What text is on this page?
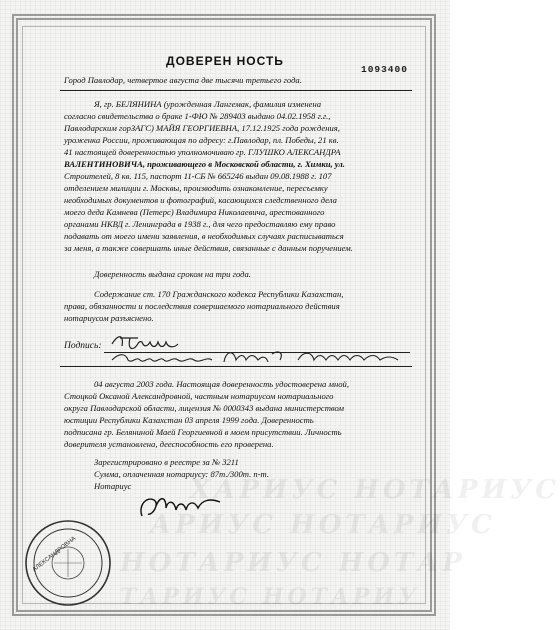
ХАРИУС НОТАРИУС
АРИУС НОТАРИУС
НОТАРИУС НОТАР
ТАРИУС НОТАРИУ
ДОВЕРЕН НОСТЬ
1093400
Город Павлодар, четвертое августа две тысячи третьего года.
Я, гр. БЕЛЯНИНА (урожденная Лангемак, фамилия изменена
согласно свидетельства о браке 1-ФЮ № 289403 выдано 04.02.1958 г.г.,
Павлодарским горЗАГС) МАЙЯ ГЕОРГИЕВНА, 17.12.1925 года рождения,
уроженка России, проживающая по адресу: г.Павлодар, пл. Победы, 21 кв.
41 настоящей доверенностью уполномочиваю гр. ГЛУШКО АЛЕКСАНДРА
ВАЛЕНТИНОВИЧА, проживающего в Московской области, г. Химки, ул.
Строителей, 8 кв. 115, паспорт 11-СБ № 665246 выдан 09.08.1988 г. 107
отделением милиции г. Москвы, производить ознакомление, пересъемку
необходимых документов и фотографий, касающихся следственного дела
моего деда Камнева (Петерс) Владимира Николаевича, арестованного
органами НКВД г. Ленинграда в 1938 г., для чего предоставляю ему право
подавать от моего имени заявления, в необходимых случаях расписываться
за меня, а также совершать иные действия, связанные с данным поручением.
Доверенность выдана сроком на три года.
Содержание ст. 170 Гражданского кодекса Республики Казахстан,
права, обязанности и последствия совершаемого нотариального действия
нотариусом разъяснено.
Подпись:
04 августа 2003 года. Настоящая доверенность удостоверена мной,
Стоцкой Оксаной Александровной, частным нотариусом нотариального
округа Павлодарской области, лицензия № 0000343 выдана министерством
юстиции Республики Казахстан 03 апреля 1999 года. Доверенность
подписана гр. Беляниной Маей Георгиевной в моем присутствии. Личность
доверителя установлена, дееспособность его проверена.
Зарегистрировано в реестре за № 3211
Сумма, оплаченная нотариусу: 87т./300т. п-т.
Нотариус
АЛЕКСАНДРОВНА
